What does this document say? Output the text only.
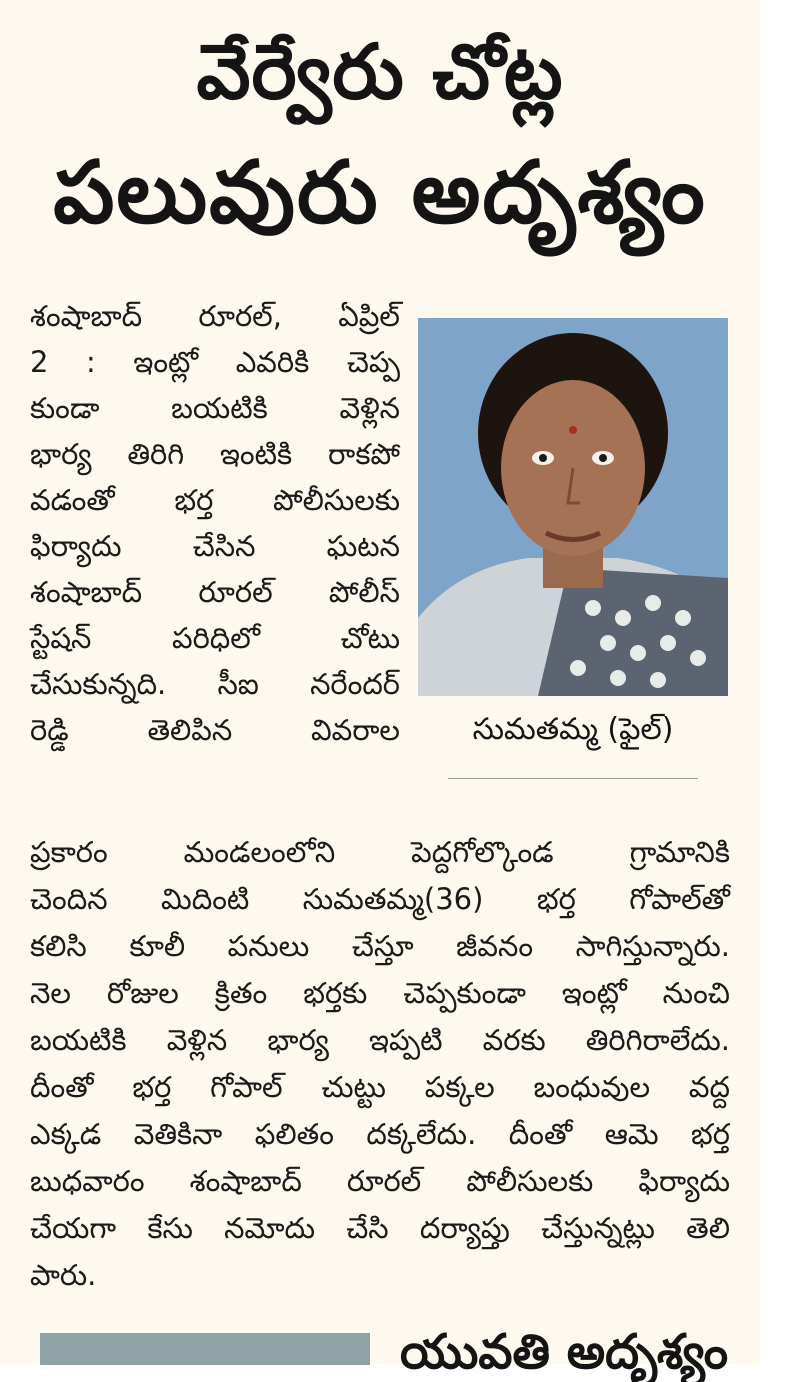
వేర్వేరు చోట్ల
పలువురు అదృశ్యం
శంషాబాద్ రూరల్, ఏప్రిల్
2 : ఇంట్లో ఎవరికి చెప్ప
కుండా బయటికి వెళ్లిన
భార్య తిరిగి ఇంటికి రాకపో
వడంతో భర్త పోలీసులకు
ఫిర్యాదు చేసిన ఘటన
శంషాబాద్ రూరల్ పోలీస్
స్టేషన్ పరిధిలో చోటు
చేసుకున్నది. సీఐ నరేందర్
రెడ్డి తెలిపిన వివరాల	సుమతమ్మ (ఫైల్)
ప్రకారం మండలంలోని పెద్దగోల్కొండ గ్రామానికి
చెందిన మిదింటి సుమతమ్మ(36) భర్త గోపాల్‌తో
కలిసి కూలీ పనులు చేస్తూ జీవనం సాగిస్తున్నారు.
నెల రోజుల క్రితం భర్తకు చెప్పకుండా ఇంట్లో నుంచి
బయటికి వెళ్లిన భార్య ఇప్పటి వరకు తిరిగిరాలేదు.
దీంతో భర్త గోపాల్ చుట్టు పక్కల బంధువుల వద్ద
ఎక్కడ వెతికినా ఫలితం దక్కలేదు. దీంతో ఆమె భర్త
బుధవారం శంషాబాద్ రూరల్ పోలీసులకు ఫిర్యాదు
చేయగా కేసు నమోదు చేసి దర్యాప్తు చేస్తున్నట్లు తెలి
పారు.
యువతి అదృశ్యం
